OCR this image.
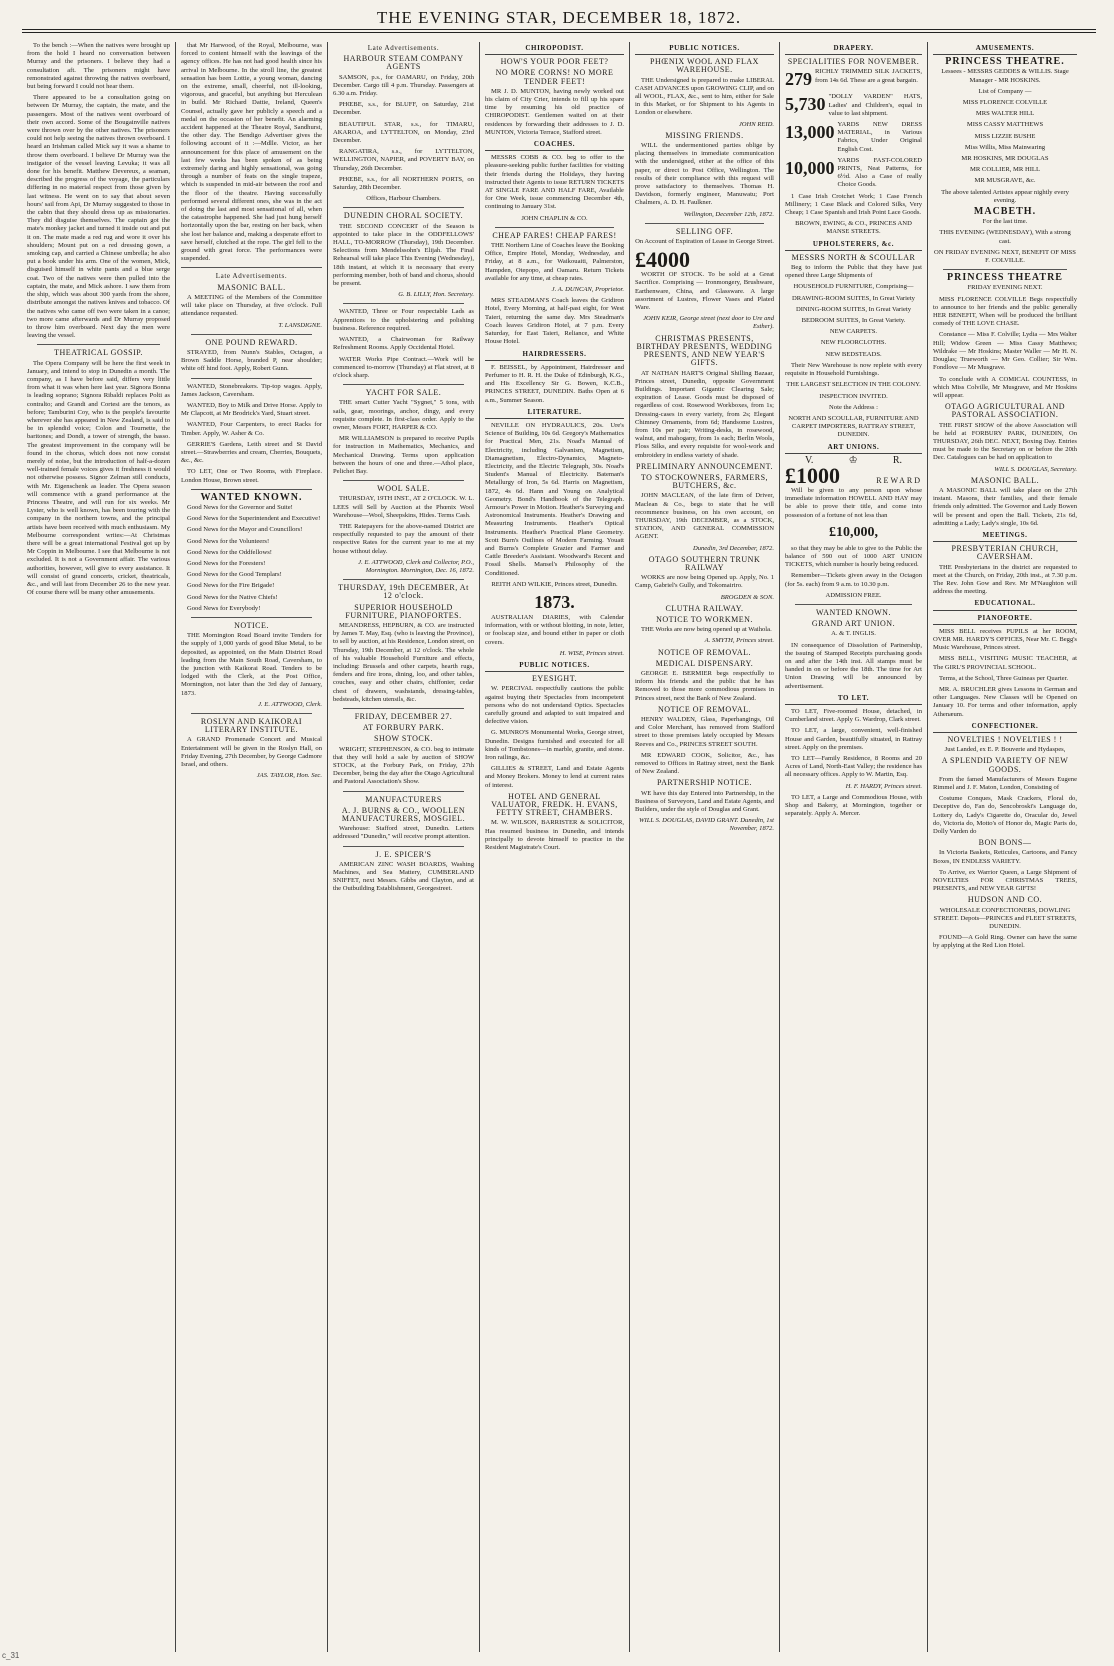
THE EVENING STAR, DECEMBER 18, 1872.

To the bench :—When the natives were brought up from the hold I heard no conversation between Murray and the prisoners. I believe they had a consultation aft. The prisoners might have remonstrated against throwing the natives overboard, but being forward I could not hear them.

There appeared to be a consultation going on between Dr Murray, the captain, the mate, and the passengers. Most of the natives went overboard of their own accord. Some of the Bougainville natives were thrown over by the other natives. The prisoners could not help seeing the natives thrown overboard. I heard an Irishman called Mick say it was a shame to throw them overboard. I believe Dr Murray was the instigator of the vessel leaving Levuka; it was all done for his benefit. Matthew Devereux, a seaman, described the progress of the voyage, the particulars differing in no material respect from those given by last witness. He went on to say that about seven hours' sail from Api, Dr Murray suggested to those in the cabin that they should dress up as missionaries. They did disguise themselves. The captain got the mate's monkey jacket and turned it inside out and put it on. The mate made a red rug and wore it over his shoulders; Mount put on a red dressing gown, a smoking cap, and carried a Chinese umbrella; he also put a book under his arm. One of the women, Mick, disguised himself in white pants and a blue serge coat. Two of the natives were then pulled into the captain, the mate, and Mick ashore. I saw them from the ship, which was about 300 yards from the shore, distribute amongst the natives knives and tobacco. Of the natives who came off two were taken in a canoe; two more came afterwards and Dr Murray proposed to throw him overboard. Next day the men were leaving the vessel.

THEATRICAL GOSSIP.

The Opera Company will be here the first week in January, and intend to stop in Dunedin a month. The company, as I have before said, differs very little from what it was when here last year. Signora Bonna is leading soprano; Signora Ribaldi replaces Polti as contralto; and Grandi and Cortesi are the tenors, as before; Tamburini Coy, who is the people's favourite wherever she has appeared in New Zealand, is said to be in splendid voice; Colon and Tournette, the baritones; and Dondi, a tower of strength, the basso. The greatest improvement in the company will be found in the chorus, which does not now consist merely of noise, but the introduction of half-a-dozen well-trained female voices gives it freshness it would not otherwise possess. Signor Zelman still conducts, with Mr. Eigenschenk as leader. The Opera season will commence with a grand performance at the Princess Theatre, and will run for six weeks. Mr Lyster, who is well known, has been touring with the company in the northern towns, and the principal artists have been received with much enthusiasm. My Melbourne correspondent writes:—At Christmas there will be a great international Festival got up by Mr Coppin in Melbourne. I see that Melbourne is not excluded. It is not a Government affair. The various authorities, however, will give to every assistance. It will consist of grand concerts, cricket, theatricals, &c., and will last from December 26 to the new year. Of course there will be many other amusements.

that Mr Harwood, of the Royal, Melbourne, was forced to content himself with the leavings of the agency offices. He has not had good health since his arrival in Melbourne. In the stroll line, the greatest sensation has been Lottie, a young woman, dancing on the extreme, small, cheerful, not ill-looking, vigorous, and graceful, but anything but Herculean in build. Mr Richard Dattie, Ireland, Queen's Counsel, actually gave her publicly a speech and a medal on the occasion of her benefit. An alarming accident happened at the Theatre Royal, Sandhurst, the other day. The Bendigo Advertiser gives the following account of it :—Mdlle. Victor, as her announcement for this place of amusement on the last few weeks has been spoken of as being extremely daring and highly sensational, was going through a number of feats on the single trapeze, which is suspended in mid-air between the roof and the floor of the theatre. Having successfully performed several different ones, she was in the act of doing the last and most sensational of all, when the catastrophe happened. She had just hung herself horizontally upon the bar, resting on her back, when she lost her balance and, making a desperate effort to save herself, clutched at the rope. The girl fell to the ground with great force. The performances were suspended.

Late Advertisements.
MASONIC BALL.

A MEETING of the Members of the Committee will take place on Thursday, at five o'clock. Full attendance requested.

T. LANSDIGNE.

ONE POUND REWARD.

STRAYED, from Nunn's Stables, Octagon, a Brown Saddle Horse, branded P, near shoulder; white off hind foot. Apply, Robert Gunn.

WANTED, Stonebreakers. Tip-top wages. Apply, James Jackson, Caversham.

WANTED, Boy to Milk and Drive Horse. Apply to Mr Clapcott, at Mr Brodrick's Yard, Stuart street.

WANTED, Four Carpenters, to erect Racks for Timber. Apply, W. Asher & Co.

GERRIE'S Gardens, Leith street and St David street.—Strawberries and cream, Cherries, Bouquets, &c., &c.

TO LET, One or Two Rooms, with Fireplace. London House, Brown street.

WANTED KNOWN.

Good News for the Governor and Suite!

Good News for the Superintendent and Executive!

Good News for the Mayor and Councillors!

Good News for the Volunteers!

Good News for the Oddfellows!

Good News for the Foresters!

Good News for the Good Templars!

Good News for the Fire Brigade!

Good News for the Native Chiefs!

Good News for Everybody!

NOTICE.

THE Mornington Road Board invite Tenders for the supply of 1,000 yards of good Blue Metal, to be deposited, as appointed, on the Main District Road leading from the Main South Road, Caversham, to the junction with Kaikorai Road. Tenders to be lodged with the Clerk, at the Post Office, Mornington, not later than the 3rd day of January, 1873.

J. E. ATTWOOD, Clerk.

ROSLYN AND KAIKORAI LITERARY INSTITUTE.

A GRAND Promenade Concert and Musical Entertainment will be given in the Roslyn Hall, on Friday Evening, 27th December, by George Cadmore Israel, and others.

JAS. TAYLOR, Hon. Sec.

Late Advertisements.
HARBOUR STEAM COMPANY AGENTS

SAMSON, p.s., for OAMARU, on Friday, 20th December. Cargo till 4 p.m. Thursday. Passengers at 6.30 a.m. Friday.

PHŒBE, s.s., for BLUFF, on Saturday, 21st December.

BEAUTIFUL STAR, s.s., for TIMARU, AKAROA, and LYTTELTON, on Monday, 23rd December.

RANGATIRA, s.s., for LYTTELTON, WELLINGTON, NAPIER, and POVERTY BAY, on Thursday, 26th December.

PHŒBE, s.s., for all NORTHERN PORTS, on Saturday, 28th December.

Offices, Harbour Chambers.

DUNEDIN CHORAL SOCIETY.

THE SECOND CONCERT of the Season is appointed to take place in the ODDFELLOWS' HALL, TO-MORROW (Thursday), 19th December. Selections from Mendelssohn's Elijah. The Final Rehearsal will take place This Evening (Wednesday), 18th instant, at which it is necessary that every performing member, both of band and chorus, should be present.

G. B. LILLY, Hon. Secretary.

WANTED, Three or Four respectable Lads as Apprentices to the upholstering and polishing business. Reference required.

WANTED, a Chairwoman for Railway Refreshment Rooms. Apply Occidental Hotel.

WATER Works Pipe Contract.—Work will be commenced to-morrow (Thursday) at Flat street, at 8 o'clock sharp.

YACHT FOR SALE.

THE smart Cutter Yacht "Sygnet," 5 tons, with sails, gear, moorings, anchor, dingy, and every requisite complete. In first-class order. Apply to the owner, Messrs FORT, HARPER & CO.

MR WILLIAMSON is prepared to receive Pupils for instruction in Mathematics, Mechanics, and Mechanical Drawing. Terms upon application between the hours of one and three.—Athol place, Pelichet Bay.

WOOL SALE.

THURSDAY, 19TH INST., AT 2 O'CLOCK. W. L. LEES will Sell by Auction at the Phœnix Wool Warehouse—Wool, Sheepskins, Hides. Terms Cash.

THE Ratepayers for the above-named District are respectfully requested to pay the amount of their respective Rates for the current year to me at my house without delay.

J. E. ATTWOOD, Clerk and Collector, P.O., Mornington. Mornington, Dec. 16, 1872.

THURSDAY, 19th DECEMBER, At 12 o'clock.
SUPERIOR HOUSEHOLD FURNITURE, PIANOFORTES.

MEANDRESS, HEPBURN, & CO. are instructed by James T. May, Esq. (who is leaving the Province), to sell by auction, at his Residence, London street, on Thursday, 19th December, at 12 o'clock. The whole of his valuable Household Furniture and effects, including: Brussels and other carpets, hearth rugs, fenders and fire irons, dining, loo, and other tables, couches, easy and other chairs, chiffonier, cedar chest of drawers, washstands, dressing-tables, bedsteads, kitchen utensils, &c.

FRIDAY, DECEMBER 27.
AT FORBURY PARK.
SHOW STOCK.

WRIGHT, STEPHENSON, & CO. beg to intimate that they will hold a sale by auction of SHOW STOCK, at the Forbury Park, on Friday, 27th December, being the day after the Otago Agricultural and Pastoral Association's Show.

MANUFACTURERS
A. J. BURNS & CO., WOOLLEN MANUFACTURERS, MOSGIEL.

Warehouse: Stafford street, Dunedin. Letters addressed "Dunedin," will receive prompt attention.

J. E. SPICER'S

AMERICAN ZINC WASH BOARDS, Washing Machines, and Sea Mattery, CUMBERLAND SNIFFET, next Messrs. Gibbs and Clayton, and at the Outbuilding Establishment, Georgestreet.

CHIROPODIST.
HOW'S YOUR POOR FEET?
NO MORE CORNS! NO MORE TENDER FEET!

MR J. D. MUNTON, having newly worked out his claim of City Crier, intends to fill up his spare time by resuming his old practice of CHIROPODIST. Gentlemen waited on at their residences by forwarding their addresses to J. D. MUNTON, Victoria Terrace, Stafford street.

COACHES.

MESSRS COBB & CO. beg to offer to the pleasure-seeking public further facilities for visiting their friends during the Holidays, they having instructed their Agents to issue RETURN TICKETS AT SINGLE FARE AND HALF FARE, Available for One Week, issue commencing December 4th, continuing to January 31st.

JOHN CHAPLIN & CO.

CHEAP FARES! CHEAP FARES!

THE Northern Line of Coaches leave the Booking Office, Empire Hotel, Monday, Wednesday, and Friday, at 8 a.m., for Waikouaiti, Palmerston, Hampden, Otepopo, and Oamaru. Return Tickets available for any time, at cheap rates.

J. A. DUNCAN, Proprietor.

MRS STEADMAN'S Coach leaves the Gridiron Hotel, Every Morning, at half-past eight, for West Taieri, returning the same day. Mrs Steadman's Coach leaves Gridiron Hotel, at 7 p.m. Every Saturday, for East Taieri, Reliance, and White House Hotel.

HAIRDRESSERS.

F. BEISSEL, by Appointment, Hairdresser and Perfumer to H. R. H. the Duke of Edinburgh, K.G., and His Excellency Sir G. Bowen, K.C.B., PRINCES STREET, DUNEDIN. Baths Open at 6 a.m., Summer Season.

LITERATURE.

NEVILLE ON HYDRAULICS, 20s. Ure's Science of Building, 10s 6d. Gregory's Mathematics for Practical Men, 21s. Noad's Manual of Electricity, including Galvanism, Magnetism, Diamagnetism, Electro-Dynamics, Magneto-Electricity, and the Electric Telegraph, 30s. Noad's Student's Manual of Electricity. Bateman's Metallurgy of Iron, 5s 6d. Harris on Magnetism, 1872, 4s 6d. Hann and Young on Analytical Geometry. Bond's Handbook of the Telegraph. Armour's Power in Motion. Heather's Surveying and Astronomical Instruments. Heather's Drawing and Measuring Instruments. Heather's Optical Instruments. Heather's Practical Plane Geometry. Scott Burn's Outlines of Modern Farming. Youatt and Burns's Complete Grazier and Farmer and Cattle Breeder's Assistant. Woodward's Recent and Fossil Shells. Mansel's Philosophy of the Conditioned.

REITH AND WILKIE, Princes street, Dunedin.

1873.

AUSTRALIAN DIARIES, with Calendar information, with or without blotting, in note, letter, or foolscap size, and bound either in paper or cloth covers.

H. WISE, Princes street.

PUBLIC NOTICES.
EYESIGHT.

W. PERCIVAL respectfully cautions the public against buying their Spectacles from incompetent persons who do not understand Optics. Spectacles carefully ground and adapted to suit impaired and defective vision.

G. MUNRO'S Monumental Works, George street, Dunedin. Designs furnished and executed for all kinds of Tombstones—in marble, granite, and stone. Iron railings, &c.

GILLIES & STREET, Land and Estate Agents and Money Brokers. Money to lend at current rates of interest.

HOTEL AND GENERAL VALUATOR, FREDK. H. EVANS, FETTY STREET, CHAMBERS.

M. W. WILSON, BARRISTER & SOLICITOR, Has resumed business in Dunedin, and intends principally to devote himself to practice in the Resident Magistrate's Court.

PUBLIC NOTICES.
PHŒNIX WOOL AND FLAX WAREHOUSE.

THE Undersigned is prepared to make LIBERAL CASH ADVANCES upon GROWING CLIP, and on all WOOL, FLAX, &c., sent to him, either for Sale in this Market, or for Shipment to his Agents in London or elsewhere.

JOHN REID.

MISSING FRIENDS.

WILL the undermentioned parties oblige by placing themselves in immediate communication with the undersigned, either at the office of this paper, or direct to Post Office, Wellington. The results of their compliance with this request will prove satisfactory to themselves. Thomas H. Davidson, formerly engineer, Manuwatu; Port Chalmers, A. D. H. Faulkner.

Wellington, December 12th, 1872.

SELLING OFF.

On Account of Expiration of Lease in George Street.

£4000

WORTH OF STOCK. To be sold at a Great Sacrifice. Comprising — Ironmongery, Brushware, Earthenware, China, and Glassware. A large assortment of Lustres, Flower Vases and Plated Ware.

JOHN KEIR, George street (next door to Ure and Esther).

CHRISTMAS PRESENTS, BIRTHDAY PRESENTS, WEDDING PRESENTS, AND NEW YEAR'S GIFTS.

AT NATHAN HART'S Original Shilling Bazaar, Princes street, Dunedin, opposite Government Buildings. Important Gigantic Clearing Sale; expiration of Lease. Goods must be disposed of regardless of cost. Rosewood Workboxes, from 1s; Dressing-cases in every variety, from 2s; Elegant Chimney Ornaments, from 6d; Handsome Lustres, from 10s per pair; Writing-desks, in rosewood, walnut, and mahogany, from 1s each; Berlin Wools, Floss Silks, and every requisite for wool-work and embroidery in endless variety of shade.

PRELIMINARY ANNOUNCEMENT.
TO STOCKOWNERS, FARMERS, BUTCHERS, &c.

JOHN MACLEAN, of the late firm of Driver, Maclean & Co., begs to state that he will recommence business, on his own account, on THURSDAY, 19th DECEMBER, as a STOCK, STATION, AND GENERAL COMMISSION AGENT.

Dunedin, 3rd December, 1872.

OTAGO SOUTHERN TRUNK RAILWAY

WORKS are now being Opened up. Apply, No. 1 Camp, Gabriel's Gully, and Tokomairiro.

BROGDEN & SON.

CLUTHA RAILWAY.
NOTICE TO WORKMEN.

THE Works are now being opened up at Waihola.

A. SMYTH, Princes street.

NOTICE OF REMOVAL.
MEDICAL DISPENSARY.

GEORGE E. BERMIER begs respectfully to inform his friends and the public that he has Removed to those more commodious premises in Princes street, next the Bank of New Zealand.

NOTICE OF REMOVAL.

HENRY WALDEN, Glass, Paperhangings, Oil and Color Merchant, has removed from Stafford street to those premises lately occupied by Messrs Reeves and Co., PRINCES STREET SOUTH.

MR EDWARD COOK, Solicitor, &c., has removed to Offices in Rattray street, next the Bank of New Zealand.

PARTNERSHIP NOTICE.

WE have this day Entered into Partnership, in the Business of Surveyors, Land and Estate Agents, and Builders, under the style of Douglas and Grant.

WILL S. DOUGLAS, DAVID GRANT. Dunedin, 1st November, 1872.

DRAPERY.
SPECIALITIES FOR NOVEMBER.
279 RICHLY TRIMMED SILK JACKETS, from 14s 6d. These are a great bargain.
5,730 "DOLLY VARDEN" HATS, Ladies' and Children's, equal in value to last shipment.
13,000 YARDS NEW DRESS MATERIAL, in Various Fabrics, Under Original English Cost.
10,000 YARDS FAST-COLORED PRINTS, Neat Patterns, for 6½d. Also a Case of really Choice Goods.

1 Case Irish Crotchet Work; 1 Case French Millinery; 1 Case Black and Colored Silks, Very Cheap; 1 Case Spanish and Irish Point Lace Goods.

BROWN, EWING, & CO., PRINCES AND MANSE STREETS.

UPHOLSTERERS, &c.
MESSRS NORTH & SCOULLAR

Beg to inform the Public that they have just opened three Large Shipments of

HOUSEHOLD FURNITURE, Comprising—

DRAWING-ROOM SUITES, In Great Variety

DINING-ROOM SUITES, In Great Variety

BEDROOM SUITES, In Great Variety.

NEW CARPETS.

NEW FLOORCLOTHS.

NEW BEDSTEADS.

Their New Warehouse is now replete with every requisite in Household Furnishings.

THE LARGEST SELECTION IN THE COLONY.

INSPECTION INVITED.

Note the Address :

NORTH AND SCOULLAR, FURNITURE AND CARPET IMPORTERS, RATTRAY STREET, DUNEDIN.

ART UNIONS.
V.	♔	R.
£1000	REWARD

Will be given to any person upon whose immediate information HOWELL AND HAY may be able to prove their title, and come into possession of a fortune of not less than

£10,000,

so that they may be able to give to the Public the balance of 590 out of 1000 ART UNION TICKETS, which number is hourly being reduced.

Remember—Tickets given away in the Octagon (for 5s. each) from 9 a.m. to 10.30 p.m.

ADMISSION FREE.

WANTED KNOWN.
GRAND ART UNION.

A. & T. INGLIS.

IN consequence of Dissolution of Partnership, the issuing of Stamped Receipts purchasing goods on and after the 14th inst. All stamps must be handed in on or before the 18th. The time for Art Union Drawing will be announced by advertisement.

TO LET.

TO LET, Five-roomed House, detached, in Cumberland street. Apply G. Wardrop, Clark street.

TO LET, a large, convenient, well-finished House and Garden, beautifully situated, in Rattray street. Apply on the premises.

TO LET—Family Residence, 8 Rooms and 20 Acres of Land, North-East Valley; the residence has all necessary offices. Apply to W. Martin, Esq.

H. F. HARDY, Princes street.

TO LET, a Large and Commodious House, with Shop and Bakery, at Mornington, together or separately. Apply A. Mercer.

AMUSEMENTS.
PRINCESS THEATRE.

Lessees - MESSRS GEDDES & WILLIS. Stage Manager - MR HOSKINS.

List of Company —

MISS FLORENCE COLVILLE

MRS WALTER HILL

MISS CASSY MATTHEWS

MISS LIZZIE BUSHE

Miss Willis, Miss Mainwaring

MR HOSKINS, MR DOUGLAS

MR COLLIER, MR HILL

MR MUSGRAVE, &c.

The above talented Artistes appear nightly every evening.

MACBETH.

For the last time.

THIS EVENING (WEDNESDAY), With a strong cast.

ON FRIDAY EVENING NEXT, BENEFIT OF MISS F. COLVILLE.

PRINCESS THEATRE

FRIDAY EVENING NEXT.

MISS FLORENCE COLVILLE Begs respectfully to announce to her friends and the public generally HER BENEFIT, When will be produced the brilliant comedy of THE LOVE CHASE.

Constance — Miss F. Colville; Lydia — Mrs Walter Hill; Widow Green — Miss Cassy Matthews; Wildrake — Mr Hoskins; Master Waller — Mr H. N. Douglas; Trueworth — Mr Geo. Collier; Sir Wm. Fondlove — Mr Musgrave.

To conclude with A COMICAL COUNTESS, in which Miss Colville, Mr Musgrave, and Mr Hoskins will appear.

OTAGO AGRICULTURAL AND PASTORAL ASSOCIATION.

THE FIRST SHOW of the above Association will be held at FORBURY PARK, DUNEDIN, On THURSDAY, 26th DEC. NEXT, Boxing Day. Entries must be made to the Secretary on or before the 20th Dec. Catalogues can be had on application to

WILL S. DOUGLAS, Secretary.

MASONIC BALL.

A MASONIC BALL will take place on the 27th instant. Masons, their families, and their female friends only admitted. The Governor and Lady Bowen will be present and open the Ball. Tickets, 21s 6d, admitting a Lady; Lady's single, 10s 6d.

MEETINGS.
PRESBYTERIAN CHURCH, CAVERSHAM.

THE Presbyterians in the district are requested to meet at the Church, on Friday, 20th inst., at 7.30 p.m. The Rev. John Gow and Rev. Mr M'Naughton will address the meeting.

EDUCATIONAL.
PIANOFORTE.

MISS BELL receives PUPILS at her ROOM, OVER MR. HARDY'S OFFICES, Near Mr. C. Begg's Music Warehouse, Princes street.

MISS BELL, VISITING MUSIC TEACHER, at The GIRL'S PROVINCIAL SCHOOL.

Terms, at the School, Three Guineas per Quarter.

MR. A. BRUCHLER gives Lessons in German and other Languages. New Classes will be Opened on January 10. For terms and other information, apply Athenæum.

CONFECTIONER.
NOVELTIES ! NOVELTIES ! !

Just Landed, ex E. P. Bouverie and Hydaspes,

A SPLENDID VARIETY OF NEW GOODS.

From the famed Manufacturers of Messrs Eugene Rimmel and J. F. Maton, London, Consisting of

Costume Conques, Mask Crackers, Floral do, Deceptive do, Fan do, Sencobroski's Language do, Lottery do, Lady's Cigarette do, Oracular do, Jewel do, Victoria do, Motto's of Honor do, Magic Paris do, Dolly Varden do

BON BONS—

In Victoria Baskets, Reticules, Cartoons, and Fancy Boxes, IN ENDLESS VARIETY.

To Arrive, ex Warrior Queen, a Large Shipment of NOVELTIES FOR CHRISTMAS TREES, PRESENTS, and NEW YEAR GIFTS!

HUDSON AND CO.

WHOLESALE CONFECTIONERS, DOWLING STREET. Depots—PRINCES and FLEET STREETS, DUNEDIN.

FOUND—A Gold Ring. Owner can have the same by applying at the Red Lion Hotel.

c_31
